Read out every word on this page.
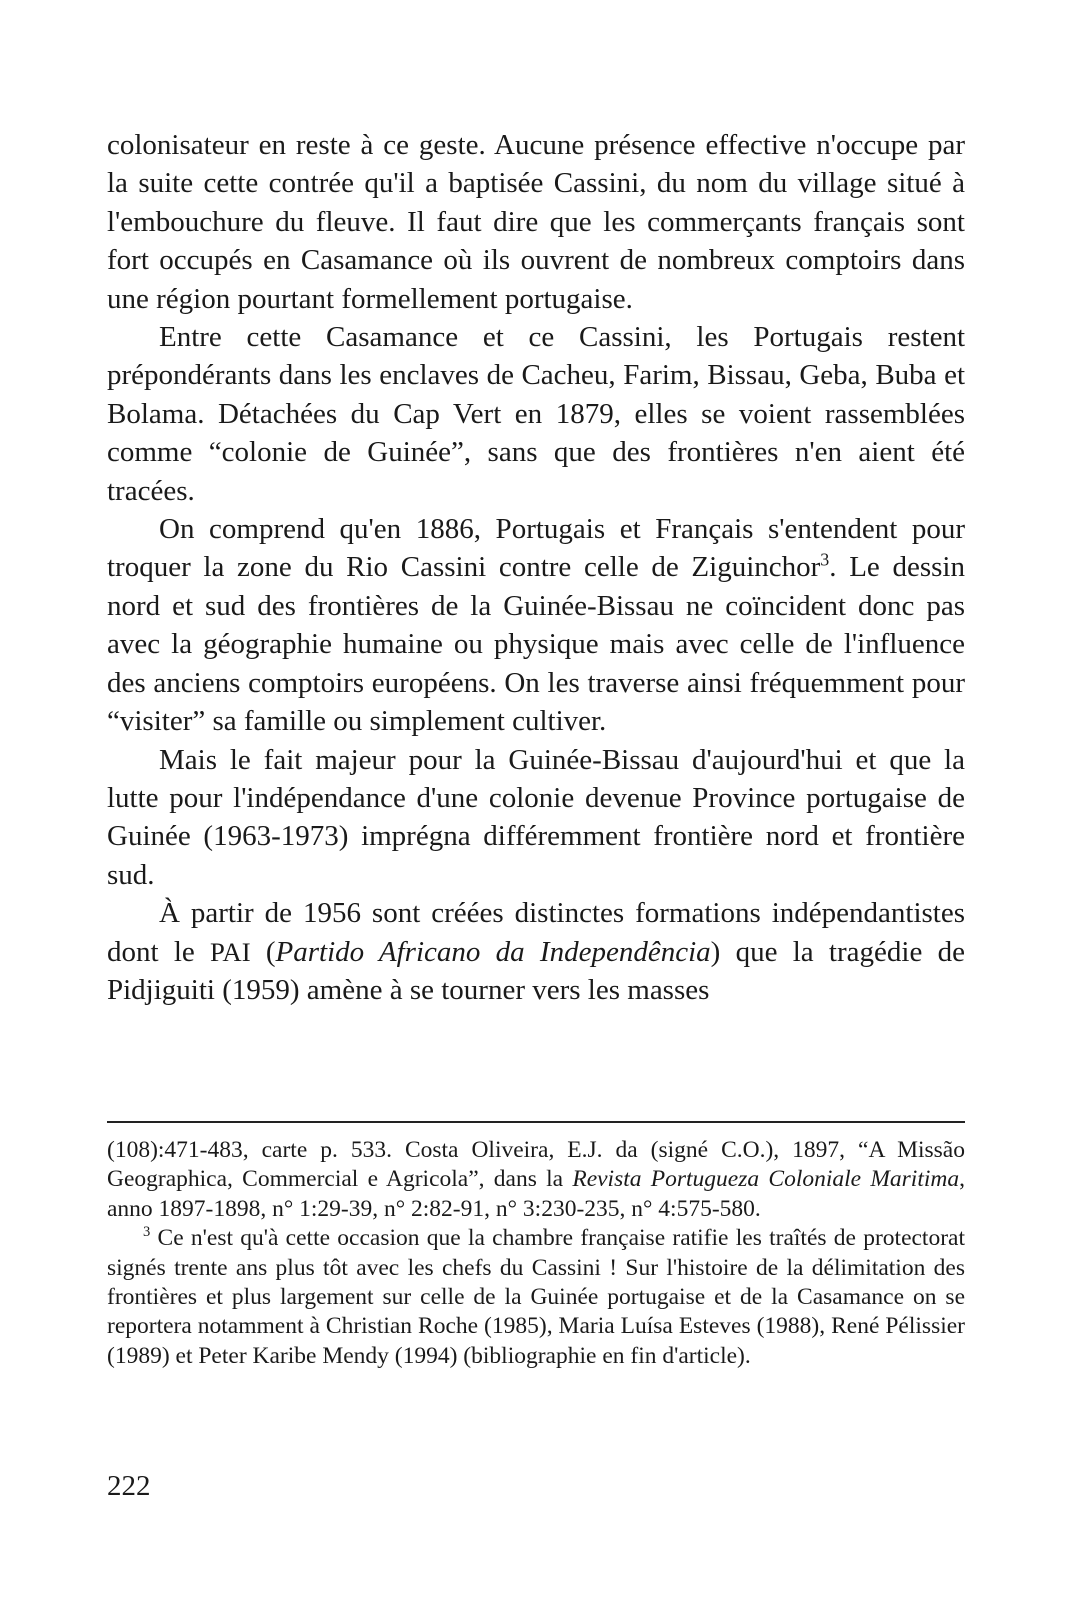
colonisateur en reste à ce geste. Aucune présence effective n'occupe par la suite cette contrée qu'il a baptisée Cassini, du nom du village situé à l'embouchure du fleuve. Il faut dire que les commerçants français sont fort occupés en Casamance où ils ouvrent de nombreux comptoirs dans une région pourtant formellement portugaise.

Entre cette Casamance et ce Cassini, les Portugais restent prépondérants dans les enclaves de Cacheu, Farim, Bissau, Geba, Buba et Bolama. Détachées du Cap Vert en 1879, elles se voient rassemblées comme “colonie de Guinée”, sans que des frontières n'en aient été tracées.

On comprend qu'en 1886, Portugais et Français s'entendent pour troquer la zone du Rio Cassini contre celle de Ziguinchor$^3$. Le dessin nord et sud des frontières de la Guinée-Bissau ne coïncident donc pas avec la géographie humaine ou physique mais avec celle de l'influence des anciens comptoirs européens. On les traverse ainsi fréquemment pour “visiter” sa famille ou simplement cultiver.

Mais le fait majeur pour la Guinée-Bissau d'aujourd'hui et que la lutte pour l'indépendance d'une colonie devenue Province portugaise de Guinée (1963-1973) imprégna différemment frontière nord et frontière sud.

À partir de 1956 sont créées distinctes formations indépendantistes dont le PAI (Partido Africano da Independência) que la tragédie de Pidjiguiti (1959) amène à se tourner vers les masses

(108):471-483, carte p. 533. Costa Oliveira, E.J. da (signé C.O.), 1897, “A Missão Geographica, Commercial e Agricola”, dans la Revista Portugueza Coloniale Maritima, anno 1897-1898, n° 1:29-39, n° 2:82-91, n° 3:230-235, n° 4:575-580.

$^3$ Ce n'est qu'à cette occasion que la chambre française ratifie les traîtés de protectorat signés trente ans plus tôt avec les chefs du Cassini ! Sur l'histoire de la délimitation des frontières et plus largement sur celle de la Guinée portugaise et de la Casamance on se reportera notamment à Christian Roche (1985), Maria Luísa Esteves (1988), René Pélissier (1989) et Peter Karibe Mendy (1994) (bibliographie en fin d'article).

222
